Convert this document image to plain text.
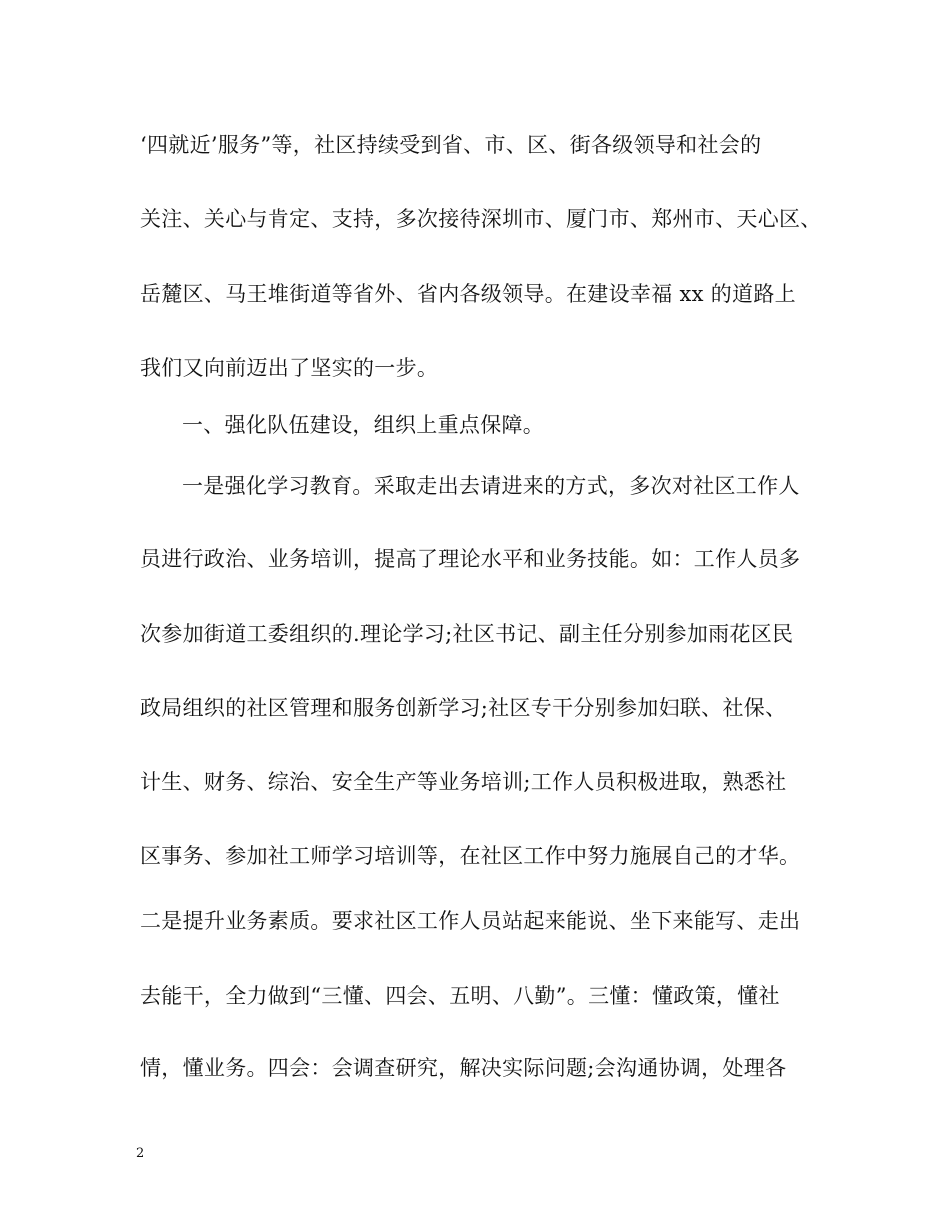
‘四就近’服务”等，社区持续受到省、市、区、街各级领导和社会的
关注、关心与肯定、支持，多次接待深圳市、厦门市、郑州市、天心区、
岳麓区、马王堆街道等省外、省内各级领导。在建设幸福 xx 的道路上
我们又向前迈出了坚实的一步。
一、强化队伍建设，组织上重点保障。
一是强化学习教育。采取走出去请进来的方式，多次对社区工作人
员进行政治、业务培训，提高了理论水平和业务技能。如：工作人员多
次参加街道工委组织的.理论学习;社区书记、副主任分别参加雨花区民
政局组织的社区管理和服务创新学习;社区专干分别参加妇联、社保、
计生、财务、综治、安全生产等业务培训;工作人员积极进取，熟悉社
区事务、参加社工师学习培训等，在社区工作中努力施展自己的才华。
二是提升业务素质。要求社区工作人员站起来能说、坐下来能写、走出
去能干，全力做到“三懂、四会、五明、八勤”。三懂：懂政策，懂社
情，懂业务。四会：会调查研究，解决实际问题;会沟通协调，处理各
2
